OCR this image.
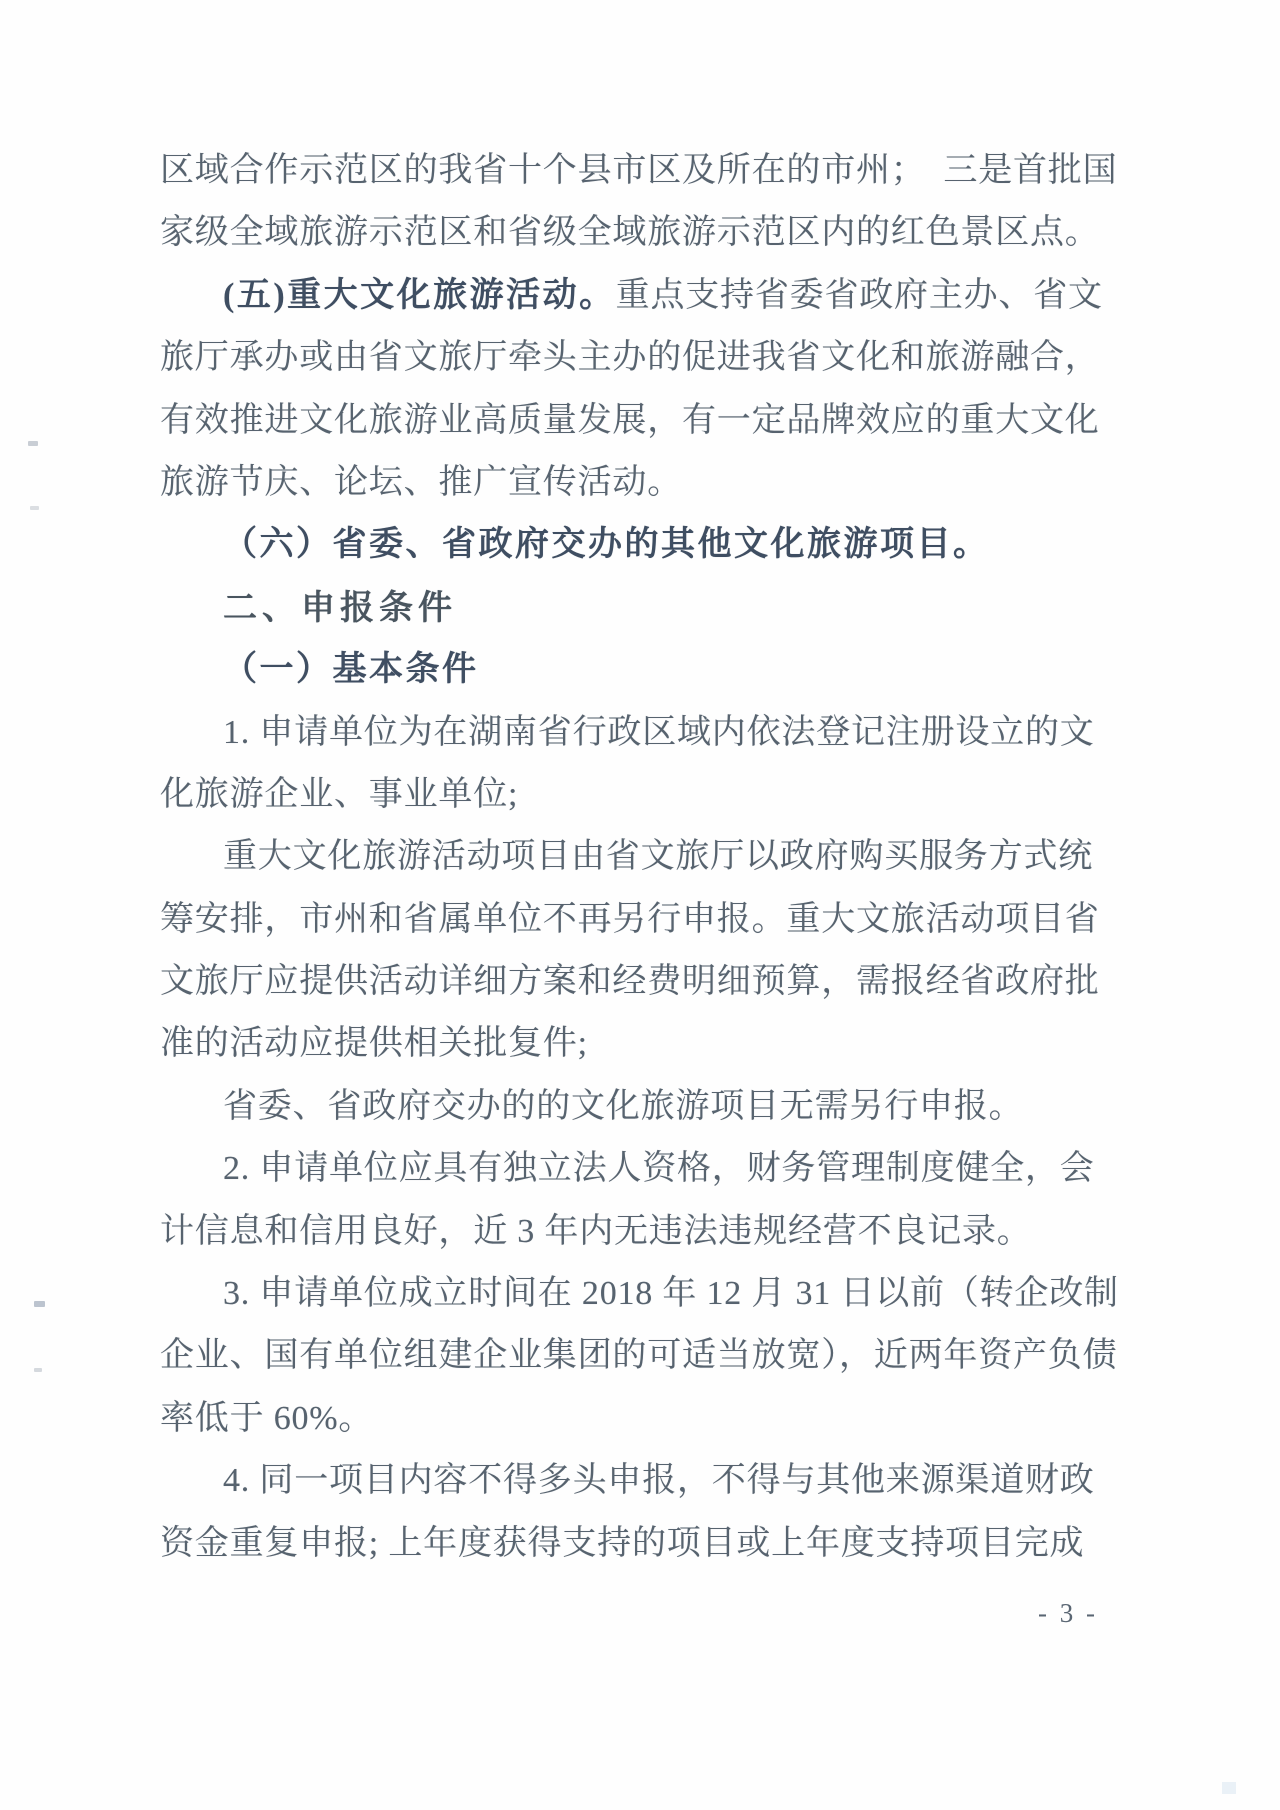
区域合作示范区的我省十个县市区及所在的市州；　三是首批国
家级全域旅游示范区和省级全域旅游示范区内的红色景区点。
(五)重大文化旅游活动。重点支持省委省政府主办、省文
旅厅承办或由省文旅厅牵头主办的促进我省文化和旅游融合，
有效推进文化旅游业高质量发展，有一定品牌效应的重大文化
旅游节庆、论坛、推广宣传活动。
（六）省委、省政府交办的其他文化旅游项目。
二、申报条件
（一）基本条件
1. 申请单位为在湖南省行政区域内依法登记注册设立的文
化旅游企业、事业单位;
重大文化旅游活动项目由省文旅厅以政府购买服务方式统
筹安排，市州和省属单位不再另行申报。重大文旅活动项目省
文旅厅应提供活动详细方案和经费明细预算，需报经省政府批
准的活动应提供相关批复件;
省委、省政府交办的的文化旅游项目无需另行申报。
2. 申请单位应具有独立法人资格，财务管理制度健全，会
计信息和信用良好，近 3 年内无违法违规经营不良记录。
3. 申请单位成立时间在 2018 年 12 月 31 日以前（转企改制
企业、国有单位组建企业集团的可适当放宽），近两年资产负债
率低于 60%。
4. 同一项目内容不得多头申报，不得与其他来源渠道财政
资金重复申报; 上年度获得支持的项目或上年度支持项目完成
- 3 -
